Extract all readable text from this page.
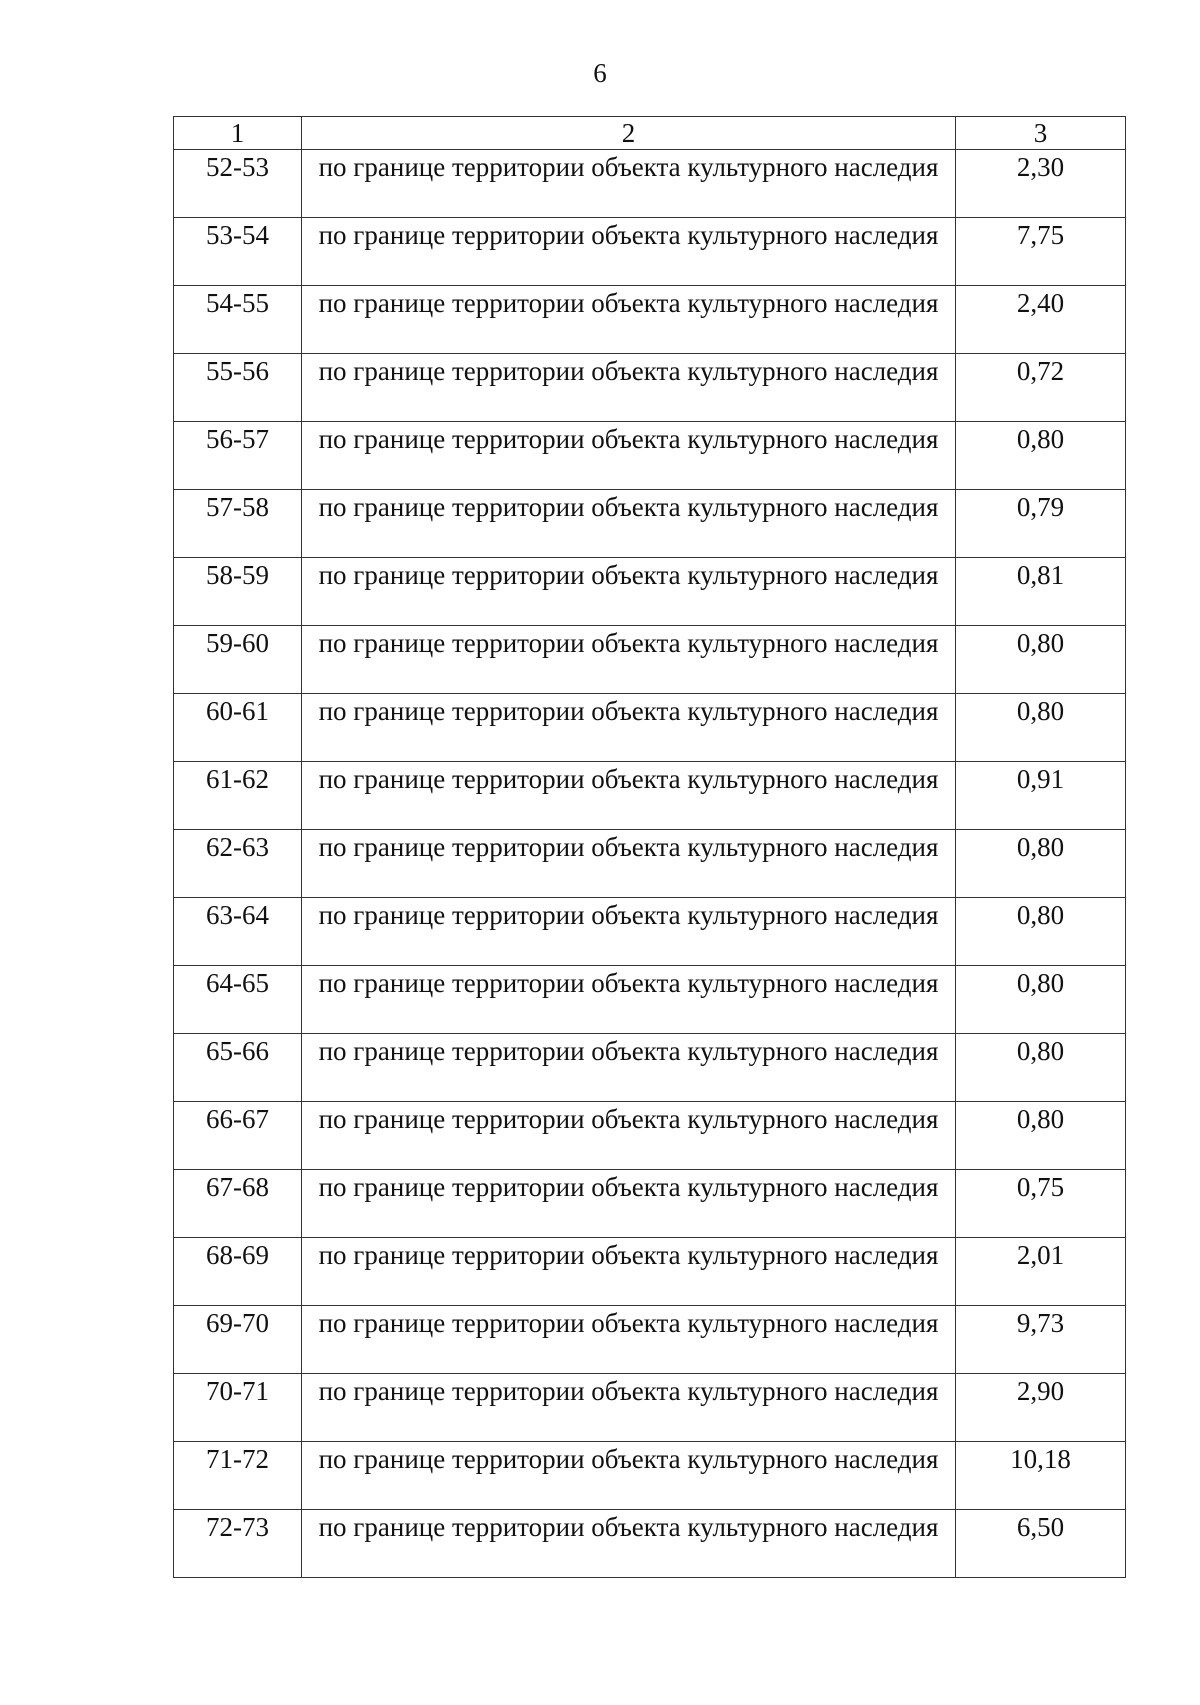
6
1	2	3
52-53	по границе территории объекта культурного наследия	2,30
53-54	по границе территории объекта культурного наследия	7,75
54-55	по границе территории объекта культурного наследия	2,40
55-56	по границе территории объекта культурного наследия	0,72
56-57	по границе территории объекта культурного наследия	0,80
57-58	по границе территории объекта культурного наследия	0,79
58-59	по границе территории объекта культурного наследия	0,81
59-60	по границе территории объекта культурного наследия	0,80
60-61	по границе территории объекта культурного наследия	0,80
61-62	по границе территории объекта культурного наследия	0,91
62-63	по границе территории объекта культурного наследия	0,80
63-64	по границе территории объекта культурного наследия	0,80
64-65	по границе территории объекта культурного наследия	0,80
65-66	по границе территории объекта культурного наследия	0,80
66-67	по границе территории объекта культурного наследия	0,80
67-68	по границе территории объекта культурного наследия	0,75
68-69	по границе территории объекта культурного наследия	2,01
69-70	по границе территории объекта культурного наследия	9,73
70-71	по границе территории объекта культурного наследия	2,90
71-72	по границе территории объекта культурного наследия	10,18
72-73	по границе территории объекта культурного наследия	6,50
